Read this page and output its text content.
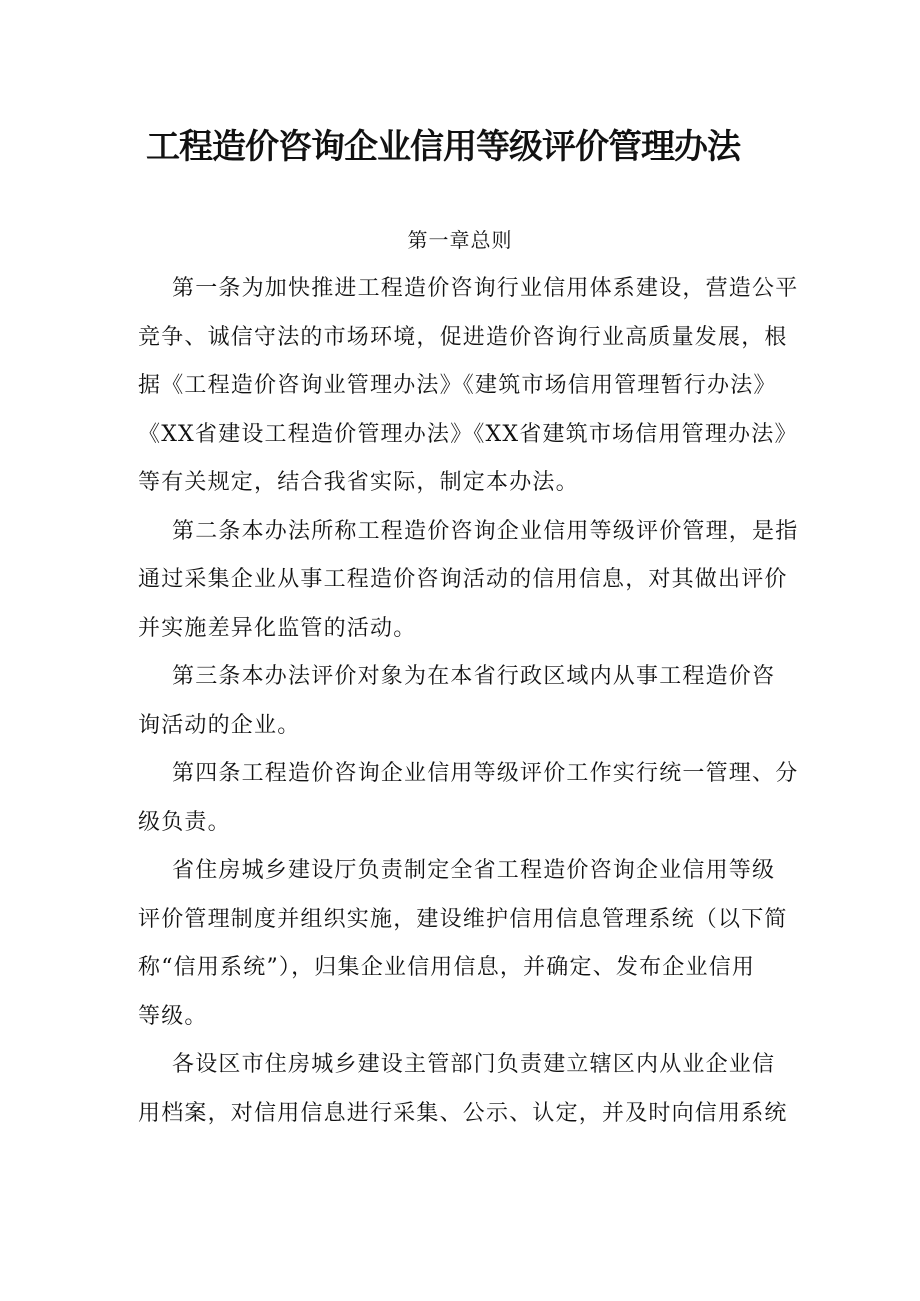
工程造价咨询企业信用等级评价管理办法
第一章总则
第一条为加快推进工程造价咨询行业信用体系建设，营造公平
竞争、诚信守法的市场环境，促进造价咨询行业高质量发展，根
据《工程造价咨询业管理办法》《建筑市场信用管理暂行办法》
《XX省建设工程造价管理办法》《XX省建筑市场信用管理办法》
等有关规定，结合我省实际，制定本办法。
第二条本办法所称工程造价咨询企业信用等级评价管理，是指
通过采集企业从事工程造价咨询活动的信用信息，对其做出评价
并实施差异化监管的活动。
第三条本办法评价对象为在本省行政区域内从事工程造价咨
询活动的企业。
第四条工程造价咨询企业信用等级评价工作实行统一管理、分
级负责。
省住房城乡建设厅负责制定全省工程造价咨询企业信用等级
评价管理制度并组织实施，建设维护信用信息管理系统（以下简
称“信用系统”），归集企业信用信息，并确定、发布企业信用
等级。
各设区市住房城乡建设主管部门负责建立辖区内从业企业信
用档案，对信用信息进行采集、公示、认定，并及时向信用系统
